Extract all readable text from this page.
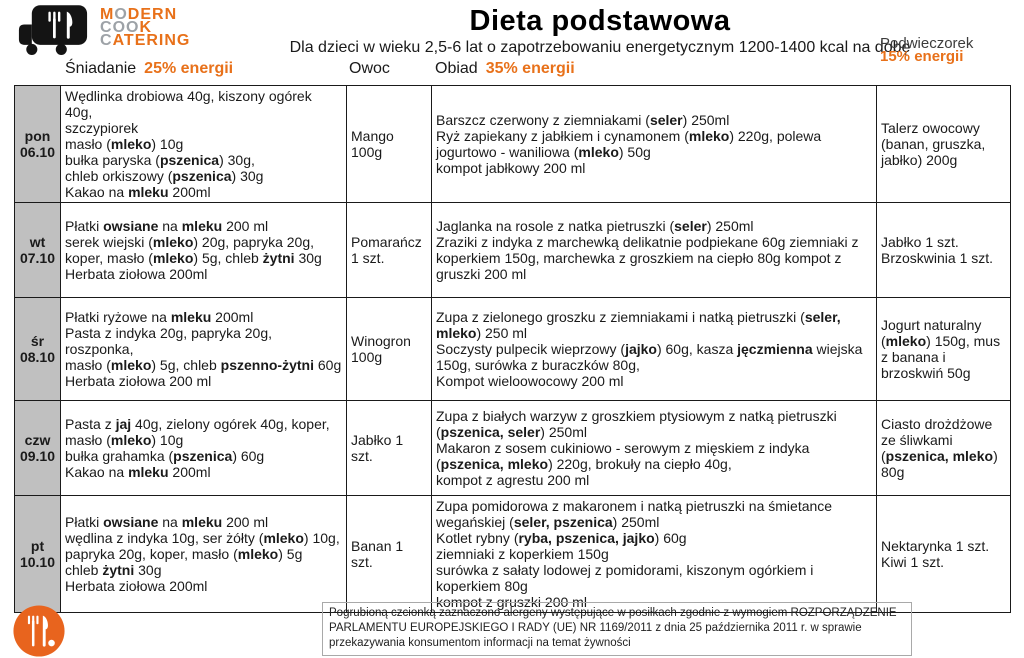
MODERN
COOK
CATERING
Dieta podstawowa
Dla dzieci w wieku 2,5-6 lat o zapotrzebowaniu energetycznym 1200-1400 kcal na dobę
Śniadanie 25% energii	Owoc	Obiad 35% energii
Podwieczorek
15% energii
pon
06.10
	Wędlinka drobiowa 40g, kiszony ogórek 40g,
szczypiorek
masło (mleko) 10g
bułka paryska (pszenica) 30g,
chleb orkiszowy (pszenica) 30g
Kakao na mleku 200ml	Mango 100g	Barszcz czerwony z ziemniakami (seler) 250ml
Ryż zapiekany z jabłkiem i cynamonem (mleko) 220g, polewa jogurtowo - waniliowa (mleko) 50g
kompot jabłkowy 200 ml	Talerz owocowy (banan, gruszka, jabłko) 200g

wt
07.10
	Płatki owsiane na mleku 200 ml
serek wiejski (mleko) 20g, papryka 20g,
koper, masło (mleko) 5g, chleb żytni 30g
Herbata ziołowa 200ml	Pomarańcz 1 szt.	Jaglanka na rosole z natka pietruszki (seler) 250ml
Zraziki z indyka z marchewką delikatnie podpiekane 60g ziemniaki z koperkiem 150g, marchewka z groszkiem na ciepło 80g kompot z gruszki 200 ml	Jabłko 1 szt.
Brzoskwinia 1 szt.

śr
08.10
	Płatki ryżowe na mleku 200ml
Pasta z indyka 20g, papryka 20g, roszponka,
masło (mleko) 5g, chleb pszenno-żytni 60g
Herbata ziołowa 200 ml	Winogron 100g	Zupa z zielonego groszku z ziemniakami i natką pietruszki (seler, mleko) 250 ml
Soczysty pulpecik wieprzowy (jajko) 60g, kasza jęczmienna wiejska 150g, surówka z buraczków 80g,
Kompot wieloowocowy 200 ml	Jogurt naturalny (mleko) 150g, mus z banana i brzoskwiń 50g

czw
09.10
	Pasta z jaj 40g, zielony ogórek 40g, koper,
masło (mleko) 10g
bułka grahamka (pszenica) 60g
Kakao na mleku 200ml	Jabłko 1 szt.	Zupa z białych warzyw z groszkiem ptysiowym z natką pietruszki (pszenica, seler) 250ml
Makaron z sosem cukiniowo - serowym z mięskiem z indyka (pszenica, mleko) 220g, brokuły na ciepło 40g,
kompot z agrestu 200 ml	Ciasto drożdżowe ze śliwkami (pszenica, mleko) 80g

pt
10.10
	Płatki owsiane na mleku 200 ml
wędlina z indyka 10g, ser żółty (mleko) 10g,
papryka 20g, koper, masło (mleko) 5g
chleb żytni 30g
Herbata ziołowa 200ml	Banan 1 szt.	Zupa pomidorowa z makaronem i natką pietruszki na śmietance wegańskiej (seler, pszenica) 250ml
Kotlet rybny (ryba, pszenica, jajko) 60g
ziemniaki z koperkiem 150g
surówka z sałaty lodowej z pomidorami, kiszonym ogórkiem i koperkiem 80g
kompot z gruszki 200 ml	Nektarynka 1 szt.
Kiwi 1 szt.
Pogrubioną czcionką zaznaczono alergeny występujące w posiłkach zgodnie z wymogiem ROZPORZĄDZENIE PARLAMENTU EUROPEJSKIEGO I RADY (UE) NR 1169/2011 z dnia 25 października 2011 r. w sprawie przekazywania konsumentom informacji na temat żywności
